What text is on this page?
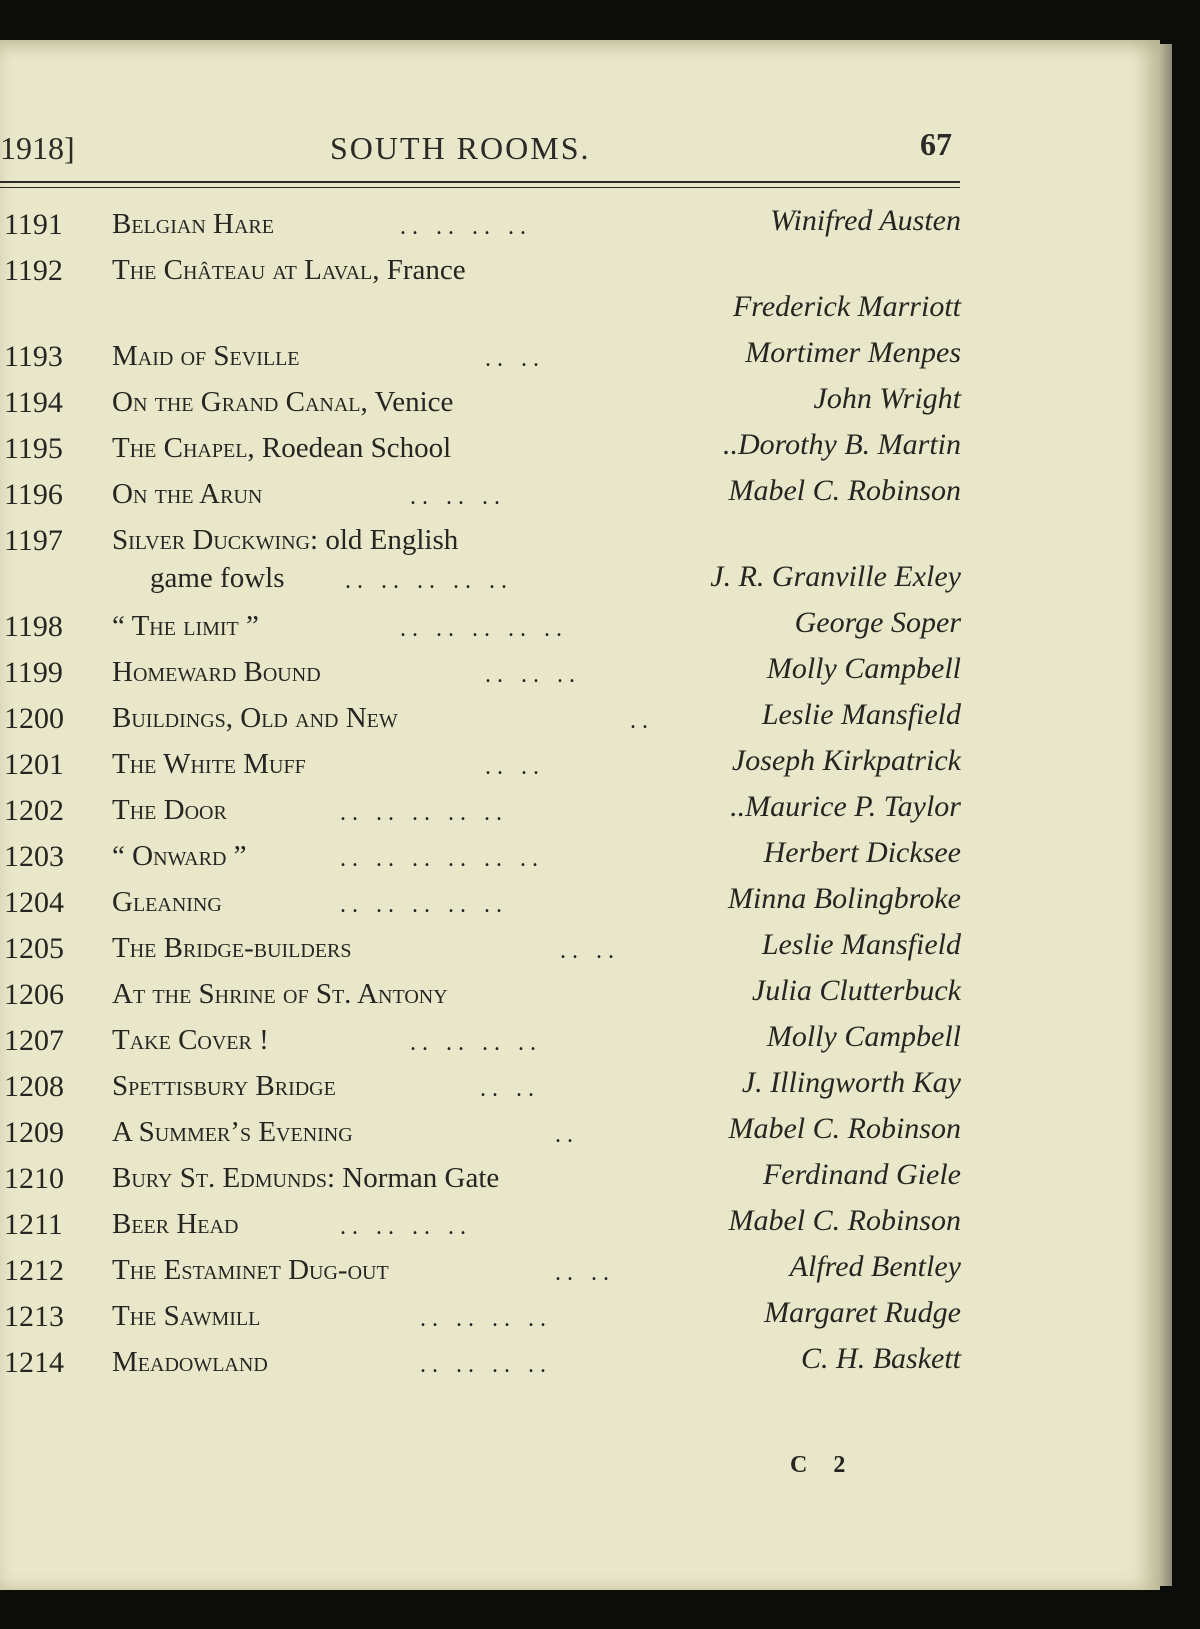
1918]	SOUTH ROOMS.	67
1191 Belgian Hare	.. .. .. ..	Winifred Austen
1192 The Château at Laval, France
Frederick Marriott
1193 Maid of Seville	.. ..	Mortimer Menpes
1194 On the Grand Canal, Venice	John Wright
1195 The Chapel, Roedean School	..Dorothy B. Martin
1196 On the Arun	.. .. ..	Mabel C. Robinson
1197 Silver Duckwing: old English
game fowls	.. .. .. .. ..	J. R. Granville Exley
1198 “ The limit ”	.. .. .. .. ..	George Soper
1199 Homeward Bound	.. .. ..	Molly Campbell
1200 Buildings, Old and New	..	Leslie Mansfield
1201 The White Muff	.. ..	Joseph Kirkpatrick
1202 The Door	.. .. .. .. ..	..Maurice P. Taylor
1203 “ Onward ”	.. .. .. .. .. ..	Herbert Dicksee
1204 Gleaning	.. .. .. .. ..	Minna Bolingbroke
1205 The Bridge-builders	.. ..	Leslie Mansfield
1206 At the Shrine of St. Antony	Julia Clutterbuck
1207 Take Cover !	.. .. .. ..	Molly Campbell
1208 Spettisbury Bridge	.. ..	J. Illingworth Kay
1209 A Summer’s Evening	..	Mabel C. Robinson
1210 Bury St. Edmunds: Norman Gate	Ferdinand Giele
1211 Beer Head	.. .. .. ..	Mabel C. Robinson
1212 The Estaminet Dug-out	.. ..	Alfred Bentley
1213 The Sawmill	.. .. .. ..	Margaret Rudge
1214 Meadowland	.. .. .. ..	C. H. Baskett
C 2
